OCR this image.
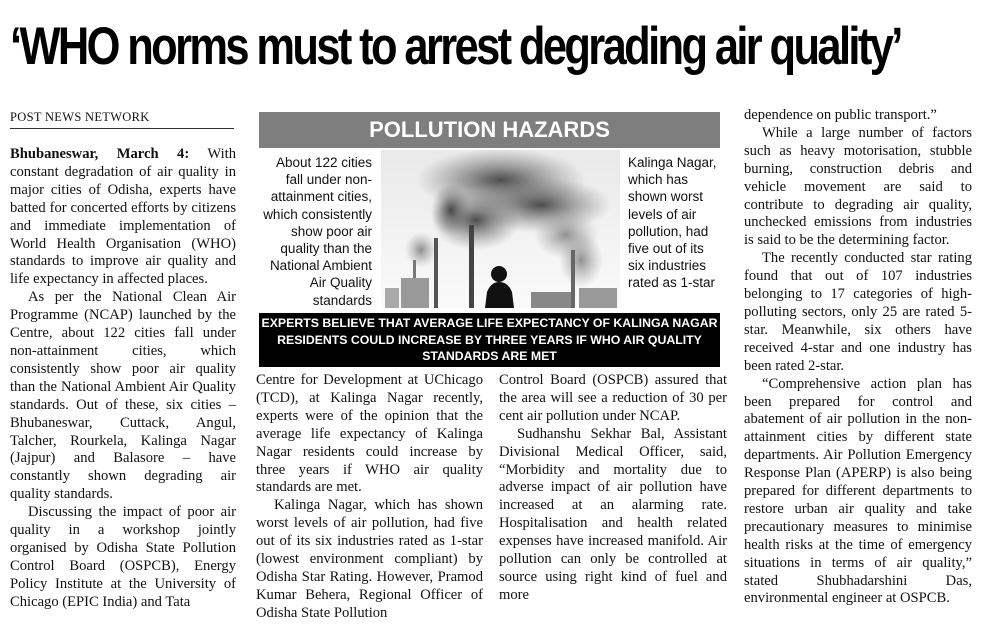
‘WHO norms must to arrest degrading air quality’
POST NEWS NETWORK

Bhubaneswar, March 4: With constant degradation of air quality in major cities of Odisha, experts have batted for concerted efforts by citizens and immediate implementation of World Health Organisation (WHO) standards to improve air quality and life expectancy in affected places.

As per the National Clean Air Programme (NCAP) launched by the Centre, about 122 cities fall under non-attainment cities, which consistently show poor air quality than the National Ambient Air Quality standards. Out of these, six cities – Bhubaneswar, Cuttack, Angul, Talcher, Rourkela, Kalinga Nagar (Jajpur) and Balasore – have constantly shown degrading air quality standards.

Discussing the impact of poor air quality in a workshop jointly organised by Odisha State Pollution Control Board (OSPCB), Energy Policy Institute at the University of Chicago (EPIC India) and Tata

POLLUTION HAZARDS
About 122 cities fall under non-attainment cities, which consistently show poor air quality than the National Ambient Air Quality standards
Kalinga Nagar, which has shown worst levels of air pollution, had five out of its six industries rated as 1-star
EXPERTS BELIEVE THAT AVERAGE LIFE EXPECTANCY OF KALINGA NAGAR RESIDENTS COULD INCREASE BY THREE YEARS IF WHO AIR QUALITY STANDARDS ARE MET

Centre for Development at UChicago (TCD), at Kalinga Nagar recently, experts were of the opinion that the average life expectancy of Kalinga Nagar residents could increase by three years if WHO air quality standards are met.

Kalinga Nagar, which has shown worst levels of air pollution, had five out of its six industries rated as 1-star (lowest environment compliant) by Odisha Star Rating. However, Pramod Kumar Behera, Regional Officer of Odisha State Pollution

Control Board (OSPCB) assured that the area will see a reduction of 30 per cent air pollution under NCAP.

Sudhanshu Sekhar Bal, Assistant Divisional Medical Officer, said, “Morbidity and mortality due to adverse impact of air pollution have increased at an alarming rate. Hospitalisation and health related expenses have increased manifold. Air pollution can only be controlled at source using right kind of fuel and more

dependence on public transport.”

While a large number of factors such as heavy motorisation, stubble burning, construction debris and vehicle movement are said to contribute to degrading air quality, unchecked emissions from industries is said to be the determining factor.

The recently conducted star rating found that out of 107 industries belonging to 17 categories of high-polluting sectors, only 25 are rated 5-star. Meanwhile, six others have received 4-star and one industry has been rated 2-star.

“Comprehensive action plan has been prepared for control and abatement of air pollution in the non-attainment cities by different state departments. Air Pollution Emergency Response Plan (APERP) is also being prepared for different departments to restore urban air quality and take precautionary measures to minimise health risks at the time of emergency situations in terms of air quality,” stated Shubhadarshini Das, environmental engineer at OSPCB.
